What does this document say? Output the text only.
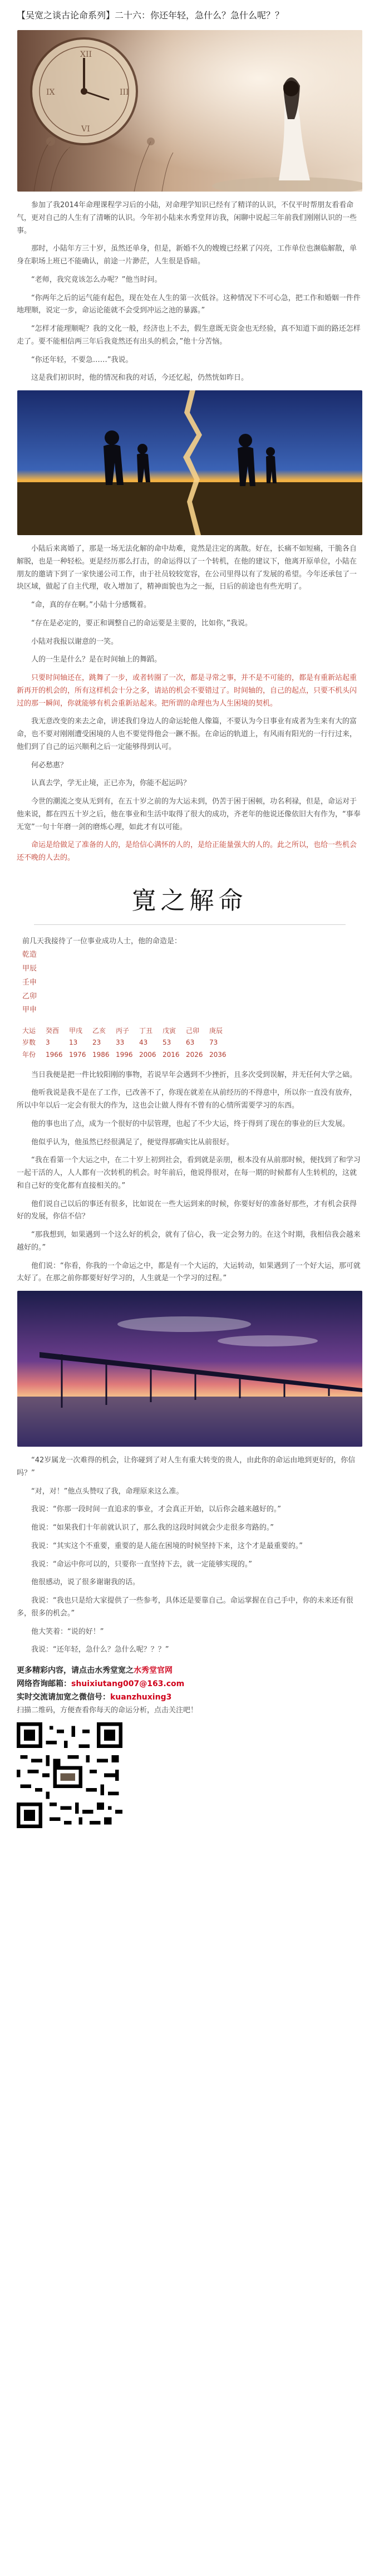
【吴宽之谈古论命系列】二十六：你还年轻，急什么？急什么呢？？
XII
III
VI
IX

参加了我2014年命理课程学习后的小陆，对命理学知识已经有了精详的认识，不仅平时帮朋友看看命气，更对自己的人生有了清晰的认识。今年初小陆来水秀堂拜访我，闲聊中说起三年前我们刚刚认识的一些事。

那时，小陆年方三十岁，虽然还单身，但是，新婚不久的嫂嫂已经累了闪亮，工作单位也濒临解散，单身在职场上班已不能确认，前途一片渺茫，人生很是昏暗。

“老师，我究竟该怎么办呢？”他当时问。

“你两年之后的运气能有起色，现在处在人生的第一次低谷。这种情况下不可心急，把工作和婚姻一件件地理顺，说定一步，命运论能就不会受到冲运之池的暴露。”

“怎样才能理顺呢？我的文化一般，经济也上不去，假生意既无资金也无经验，真不知道下面的路还怎样走了。要不能相信两三年后我竟然还有出头的机会，”他十分苦恼。

“你还年轻，不要急……”我说。

这是我们初识时，他的情况和我的对话，今还忆起，仍然恍如昨日。

小陆后来离婚了，那是一场无法化解的命中劫难，竟然是注定的离散。好在，长痛不如短痛，干脆各自解脱，也是一种轻松。更是经历那么打击，的命运得以了一个转机，在他的建议下，他离开原单位，小陆在朋友的邀请下到了一家快递公司工作，由于社员较较宽容，在公司里得以有了发展的希望。今年还承包了一块区域，做起了自主代理，收入增加了，精神面貌也为之一振，日后的前途也有些光明了。

“命，真的存在啊。”小陆十分感慨着。

“存在是必定的，要正和调整自己的命运要是主要的，比如你，”我说。

小陆对我报以谢意的一笑。

人的一生是什么？是在时间轴上的舞蹈。

只要时间轴还在，跳舞了一步，或者转圈了一次，都是寻常之事，并不是不可能的，都是有重新站起重新再开的机会的，所有这样机会十分之多，请站的机会不要错过了。时间轴的，自己的起点，只要不机头闪过的那一瞬间，你就能够有机会重新站起来。把所谓的命理也为人生困境的契机。

我无意改变的来去之命，讲述我们身边人的命运轮他人像篇，不要认为今日事业有成者为生来有大的富命，也不要对刚刚遭受困境的人也不要觉得他会一蹶不振。在命运的轨道上，有风雨有阳光的一行行过来，他们到了自己的运兴顺利之后一定能够得到认可。

何必愁惠？

认真去学，学无止境，正已亦为，你能不起运吗？

今世的潮流之变从无到有，在五十岁之前的为大运未到，仍苦于困于困顿，功名利禄，但是，命运对于他来说，都在四五十岁之后，他在事业和生活中取得了很大的成功，齐老年的他说还像依旧大有作为，“事奉无宽”一句十年磨一剑的磨炼心理，如此才有以可能。

命运是给做足了准备的人的，是给信心满怀的人的，是给正能量强大的人的。此之所以，也给一些机会还不晚的人去的。

寛之解命
前几天我接待了一位事业成功人士，他的命造是：
乾造
甲辰
壬申
乙卯
甲申
大运	癸酉	甲戌	乙亥	丙子	丁丑	戊寅	己卯	庚辰
岁数	3	13	23	33	43	53	63	73
年份	1966 1976 1986 1996 2006 2016 2026 2036

当日我便是把一件比较阳刚的事物，若说早年会遇到不少挫折，且多次受到误解，并无任何大学之础。

他听我说是我不是在了工作，已改善不了，你现在就差在从前经历的不得意中，所以你一直没有放弃，所以中年以后一定会有很大的作为，这也会让做人得有不曾有的心情所需要学习的东西。

他的事也出了点，成为一个很好的中层管理，也起了不少大运，终于得到了现在的事业的巨大发展。

他似乎认为，他虽然已经很满足了，便觉得那确实比从前很好。

“我在看第一个大运之中，在二十岁上初到社会，看到就是亲朋，根本没有从前那时候，便找到了和学习一起干活的人，人人都有一次转机的机会。时年前后，他说得很对，在每一期的时候都有人生转机的，这就和自己好的变化都有直接相关的。”

他们说自己以后的事还有很多，比如说在一些大运到来的时候，你要好好的准备好那些，才有机会获得好的发展，你信不信？

“那我想到，如果遇到一个这么好的机会，就有了信心，我一定会努力的。在这个时期，我相信我会越来越好的。”

他们说：“你看，你我的一个命运之中，都是有一个大运的，大运转动，如果遇到了一个好大运，那可就太好了。在那之前你都要好好学习的，人生就是一个学习的过程。”

“42岁属龙一次难得的机会，让你碰到了对人生有重大转变的贵人，由此你的命运由地到更好的，你信吗？”

“对，对！”他点头赞叹了我，命理原来这么准。

我说：“你那一段时间一直追求的事业，才会真正开始，以后你会越来越好的。”

他说：“如果我们十年前就认识了，那么我的这段时间就会少走很多弯路的。”

我说：“其实这个不重要，重要的是人能在困境的时候坚持下来，这个才是最重要的。”

我说：“命运中你可以的，只要你一直坚持下去，就一定能够实现的。”

他很感动，说了很多谢谢我的话。

我说：“我也只是给大家提供了一些参考，具体还是要靠自己。命运掌握在自己手中，你的未来还有很多，很多的机会。”

他大笑着：“说的好！”

我说：“还年轻，急什么？急什么呢？？？”

更多精彩内容，请点击水秀堂宽之水秀堂官网
网络咨询邮箱：shuixiutang007@163.com
实时交流请加宽之微信号：kuanzhuxing3
扫描二维码，方便查看你每天的命运分析，点击关注吧！
